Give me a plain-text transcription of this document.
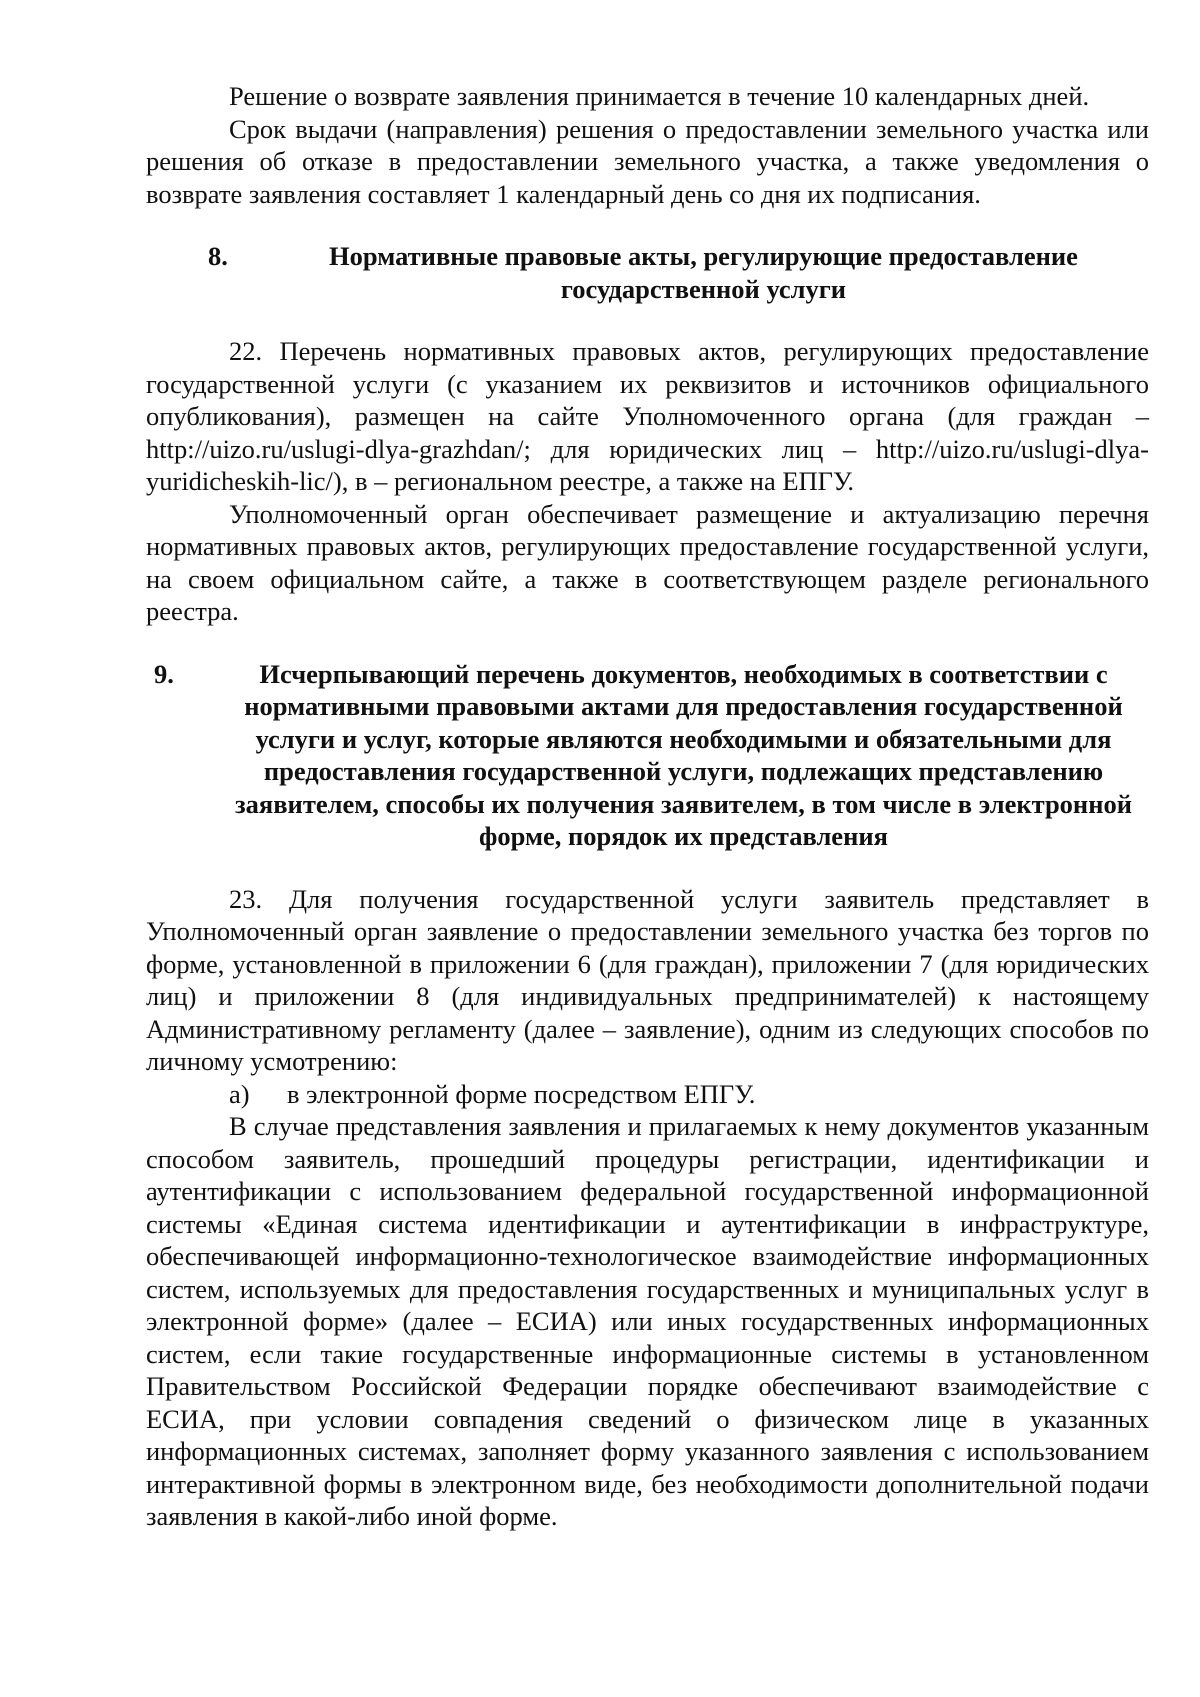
Решение о возврате заявления принимается в течение 10 календарных дней.

Срок выдачи (направления) решения о предоставлении земельного участка или решения об отказе в предоставлении земельного участка, а также уведомления о возврате заявления составляет 1 календарный день со дня их подписания.

8.	Нормативные правовые акты, регулирующие предоставление государственной услуги

22. Перечень нормативных правовых актов, регулирующих предоставление государственной услуги (с указанием их реквизитов и источников официального опубликования), размещен на сайте Уполномоченного органа (для граждан – http://uizo.ru/uslugi-dlya-grazhdan/; для юридических лиц – http://uizo.ru/uslugi-dlya-yuridicheskih-lic/), в – региональном реестре, а также на ЕПГУ.

Уполномоченный орган обеспечивает размещение и актуализацию перечня нормативных правовых актов, регулирующих предоставление государственной услуги, на своем официальном сайте, а также в соответствующем разделе регионального реестра.

9.	Исчерпывающий перечень документов, необходимых в соответствии с нормативными правовыми актами для предоставления государственной услуги и услуг, которые являются необходимыми и обязательными для предоставления государственной услуги, подлежащих представлению заявителем, способы их получения заявителем, в том числе в электронной форме, порядок их представления

23. Для получения государственной услуги заявитель представляет в Уполномоченный орган заявление о предоставлении земельного участка без торгов по форме, установленной в приложении 6 (для граждан), приложении 7 (для юридических лиц) и приложении 8 (для индивидуальных предпринимателей) к настоящему Административному регламенту (далее – заявление), одним из следующих способов по личному усмотрению:

а)	в электронной форме посредством ЕПГУ.

В случае представления заявления и прилагаемых к нему документов указанным способом заявитель, прошедший процедуры регистрации, идентификации и аутентификации с использованием федеральной государственной информационной системы «Единая система идентификации и аутентификации в инфраструктуре, обеспечивающей информационно-технологическое взаимодействие информационных систем, используемых для предоставления государственных и муниципальных услуг в электронной форме» (далее – ЕСИА) или иных государственных информационных систем, если такие государственные информационные системы в установленном Правительством Российской Федерации порядке обеспечивают взаимодействие с ЕСИА, при условии совпадения сведений о физическом лице в указанных информационных системах, заполняет форму указанного заявления с использованием интерактивной формы в электронном виде, без необходимости дополнительной подачи заявления в какой-либо иной форме.
